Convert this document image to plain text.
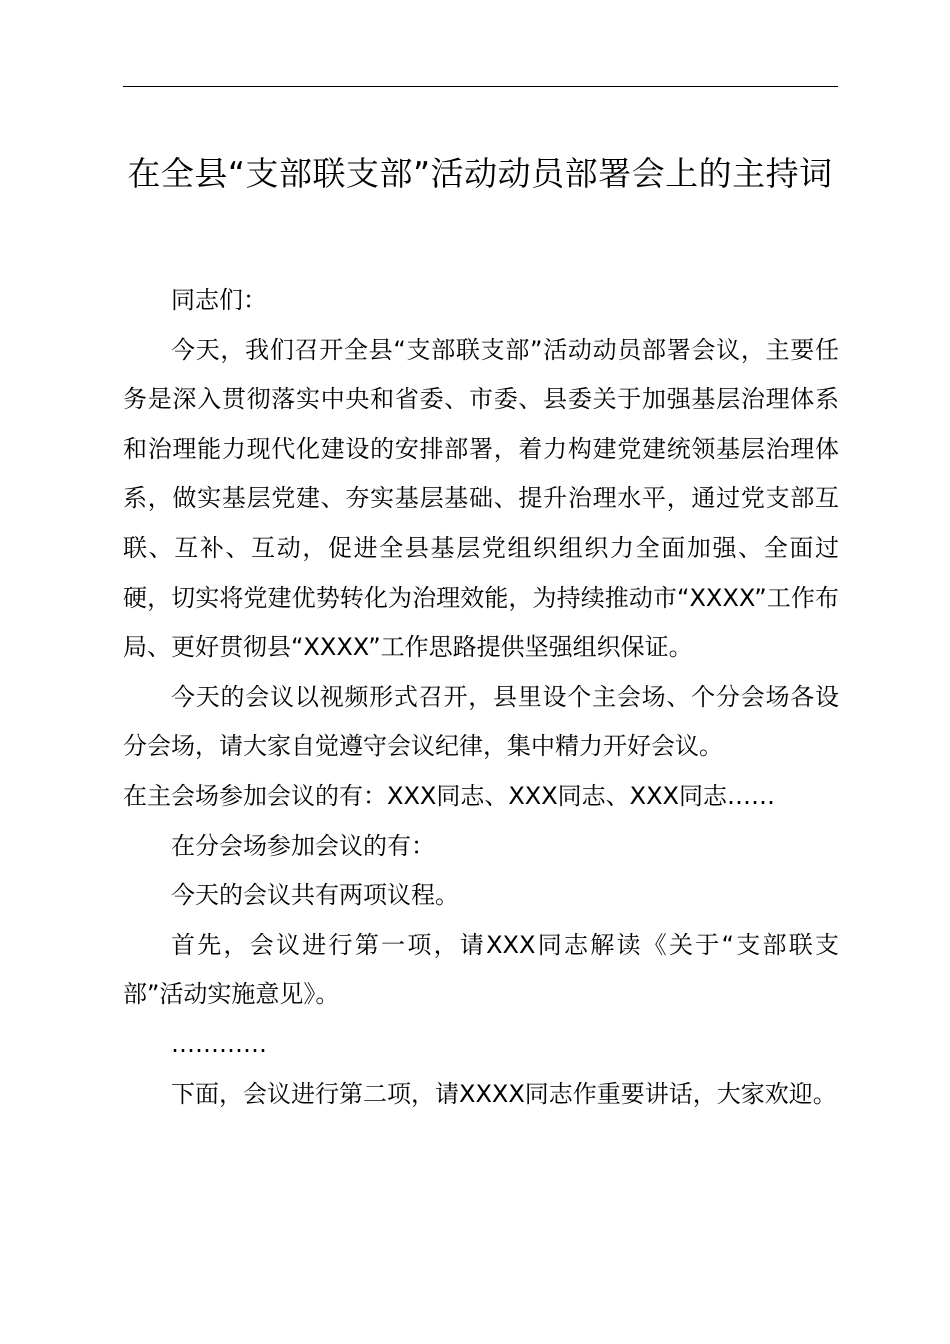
在全县“支部联支部”活动动员部署会上的主持词

同志们：

今天，我们召开全县“支部联支部”活动动员部署会议，主要任务是深入贯彻落实中央和省委、市委、县委关于加强基层治理体系和治理能力现代化建设的安排部署，着力构建党建统领基层治理体系，做实基层党建、夯实基层基础、提升治理水平，通过党支部互联、互补、互动，促进全县基层党组织组织力全面加强、全面过硬，切实将党建优势转化为治理效能，为持续推动市“XXXX”工作布局、更好贯彻县“XXXX”工作思路提供坚强组织保证。

今天的会议以视频形式召开，县里设个主会场、个分会场各设分会场，请大家自觉遵守会议纪律，集中精力开好会议。

在主会场参加会议的有：XXX同志、XXX同志、XXX同志……

在分会场参加会议的有：

今天的会议共有两项议程。

首先，会议进行第一项，请XXX同志解读《关于“支部联支部”活动实施意见》。

…………

下面，会议进行第二项，请XXXX同志作重要讲话，大家欢迎。
